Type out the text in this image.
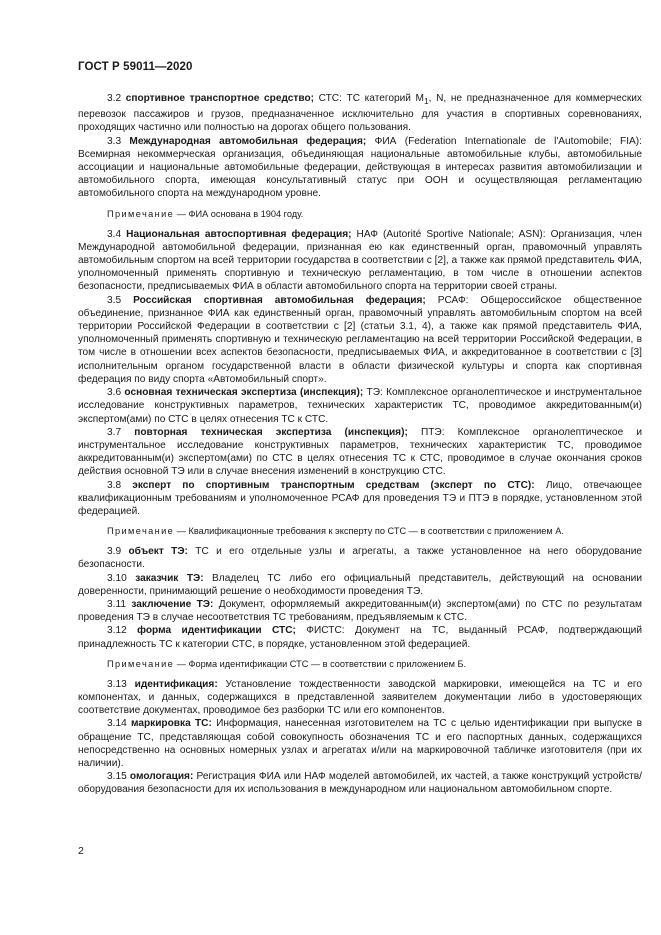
ГОСТ Р 59011—2020

3.2 спортивное транспортное средство; СТС: ТС категорий $М_1$, N, не предназначенное для коммерческих перевозок пассажиров и грузов, предназначенное исключительно для участия в спортивных соревнованиях, проходящих частично или полностью на дорогах общего пользования.

3.3 Международная автомобильная федерация; ФИА (Federation Internationale de l'Automobile; FIA): Всемирная некоммерческая организация, объединяющая национальные автомобильные клубы, автомобильные ассоциации и национальные автомобильные федерации, действующая в интересах развития автомобилизации и автомобильного спорта, имеющая консультативный статус при ООН и осуществляющая регламентацию автомобильного спорта на международном уровне.

Примечание — ФИА основана в 1904 году.

3.4 Национальная автоспортивная федерация; НАФ (Autorité Sportive Nationale; ASN): Организация, член Международной автомобильной федерации, признанная ею как единственный орган, правомочный управлять автомобильным спортом на всей территории государства в соответствии с [2], а также как прямой представитель ФИА, уполномоченный применять спортивную и техническую регламентацию, в том числе в отношении аспектов безопасности, предписываемых ФИА в области автомобильного спорта на территории своей страны.

3.5 Российская спортивная автомобильная федерация; РСАФ: Общероссийское общественное объединение, признанное ФИА как единственный орган, правомочный управлять автомобильным спортом на всей территории Российской Федерации в соответствии с [2] (статьи 3.1, 4), а также как прямой представитель ФИА, уполномоченный применять спортивную и техническую регламентацию на всей территории Российской Федерации, в том числе в отношении всех аспектов безопасности, предписываемых ФИА, и аккредитованное в соответствии с [3] исполнительным органом государственной власти в области физической культуры и спорта как спортивная федерация по виду спорта «Автомобильный спорт».

3.6 основная техническая экспертиза (инспекция); ТЭ: Комплексное органолептическое и инструментальное исследование конструктивных параметров, технических характеристик ТС, проводимое аккредитованным(и) экспертом(ами) по СТС в целях отнесения ТС к СТС.

3.7 повторная техническая экспертиза (инспекция); ПТЭ: Комплексное органолептическое и инструментальное исследование конструктивных параметров, технических характеристик ТС, проводимое аккредитованным(и) экспертом(ами) по СТС в целях отнесения ТС к СТС, проводимое в случае окончания сроков действия основной ТЭ или в случае внесения изменений в конструкцию СТС.

3.8 эксперт по спортивным транспортным средствам (эксперт по СТС): Лицо, отвечающее квалификационным требованиям и уполномоченное РСАФ для проведения ТЭ и ПТЭ в порядке, установленном этой федерацией.

Примечание — Квалификационные требования к эксперту по СТС — в соответствии с приложением А.

3.9 объект ТЭ: ТС и его отдельные узлы и агрегаты, а также установленное на него оборудование безопасности.

3.10 заказчик ТЭ: Владелец ТС либо его официальный представитель, действующий на основании доверенности, принимающий решение о необходимости проведения ТЭ.

3.11 заключение ТЭ: Документ, оформляемый аккредитованным(и) экспертом(ами) по СТС по результатам проведения ТЭ в случае несоответствия ТС требованиям, предъявляемым к СТС.

3.12 форма идентификации СТС; ФИСТС: Документ на ТС, выданный РСАФ, подтверждающий принадлежность ТС к категории СТС, в порядке, установленном этой федерацией.

Примечание — Форма идентификации СТС — в соответствии с приложением Б.

3.13 идентификация: Установление тождественности заводской маркировки, имеющейся на ТС и его компонентах, и данных, содержащихся в представленной заявителем документации либо в удостоверяющих соответствие документах, проводимое без разборки ТС или его компонентов.

3.14 маркировка ТС: Информация, нанесенная изготовителем на ТС с целью идентификации при выпуске в обращение ТС, представляющая собой совокупность обозначения ТС и его паспортных данных, содержащихся непосредственно на основных номерных узлах и агрегатах и/или на маркировочной табличке изготовителя (при их наличии).

3.15 омологация: Регистрация ФИА или НАФ моделей автомобилей, их частей, а также конструкций устройств/оборудования безопасности для их использования в международном или национальном автомобильном спорте.

2
